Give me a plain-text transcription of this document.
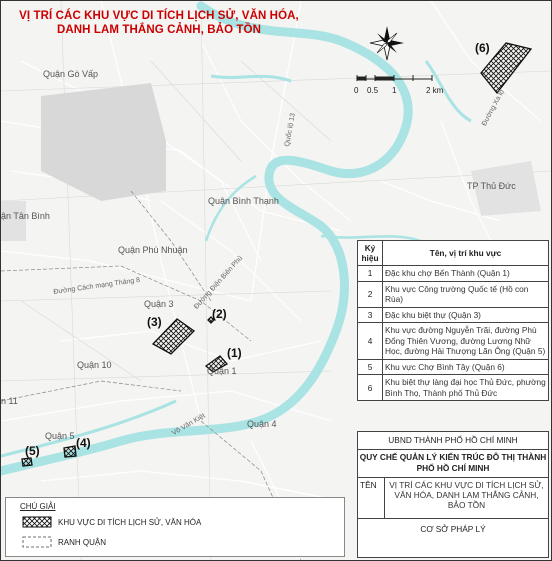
VỊ TRÍ CÁC KHU VỰC DI TÍCH LỊCH SỬ, VĂN HÓA,
DANH LAM THẮNG CẢNH, BẢO TỒN
0 0.5 1	2 km
Quận Gò Vấp
Quận Bình Thạnh
ận Tân Bình
Quận Phú Nhuận
Quận 3
Quận 10
Quận 1
Quận 4
Quận 5
n 11
TP Thủ Đức
Quốc lộ 13
Đường Điện Biên Phủ
Đường Cách mạng Tháng 8
Võ Văn Kiệt
Đường Xa lộ
(1)
(2)
(3)
(4)
(5)
(6)
Ký hiệu	Tên, vị trí khu vực
1	Đặc khu chợ Bến Thành (Quận 1)
2	Khu vực Công trường Quốc tế (Hồ con Rùa)
3	Đặc khu biệt thự (Quận 3)
4	Khu vực đường Nguyễn Trãi, đường Phù Đổng Thiên Vương, đường Lương Nhữ Học, đường Hải Thượng Lãn Ông (Quận 5)
5	Khu vực Chợ Bình Tây (Quận 6)
6	Khu biệt thự làng đại học Thủ Đức, phường Bình Thọ, Thành phố Thủ Đức
UBND THÀNH PHỐ HỒ CHÍ MINH
QUY CHẾ QUẢN LÝ KIẾN TRÚC ĐÔ THỊ THÀNH PHỐ HỒ CHÍ MINH
TÊN	VỊ TRÍ CÁC KHU VỰC DI TÍCH LỊCH SỬ, VĂN HÓA, DANH LAM THẮNG CẢNH, BẢO TỒN
CƠ SỞ PHÁP LÝ
CHÚ GIẢI
KHU VỰC DI TÍCH LỊCH SỬ, VĂN HÓA
RANH QUẬN
